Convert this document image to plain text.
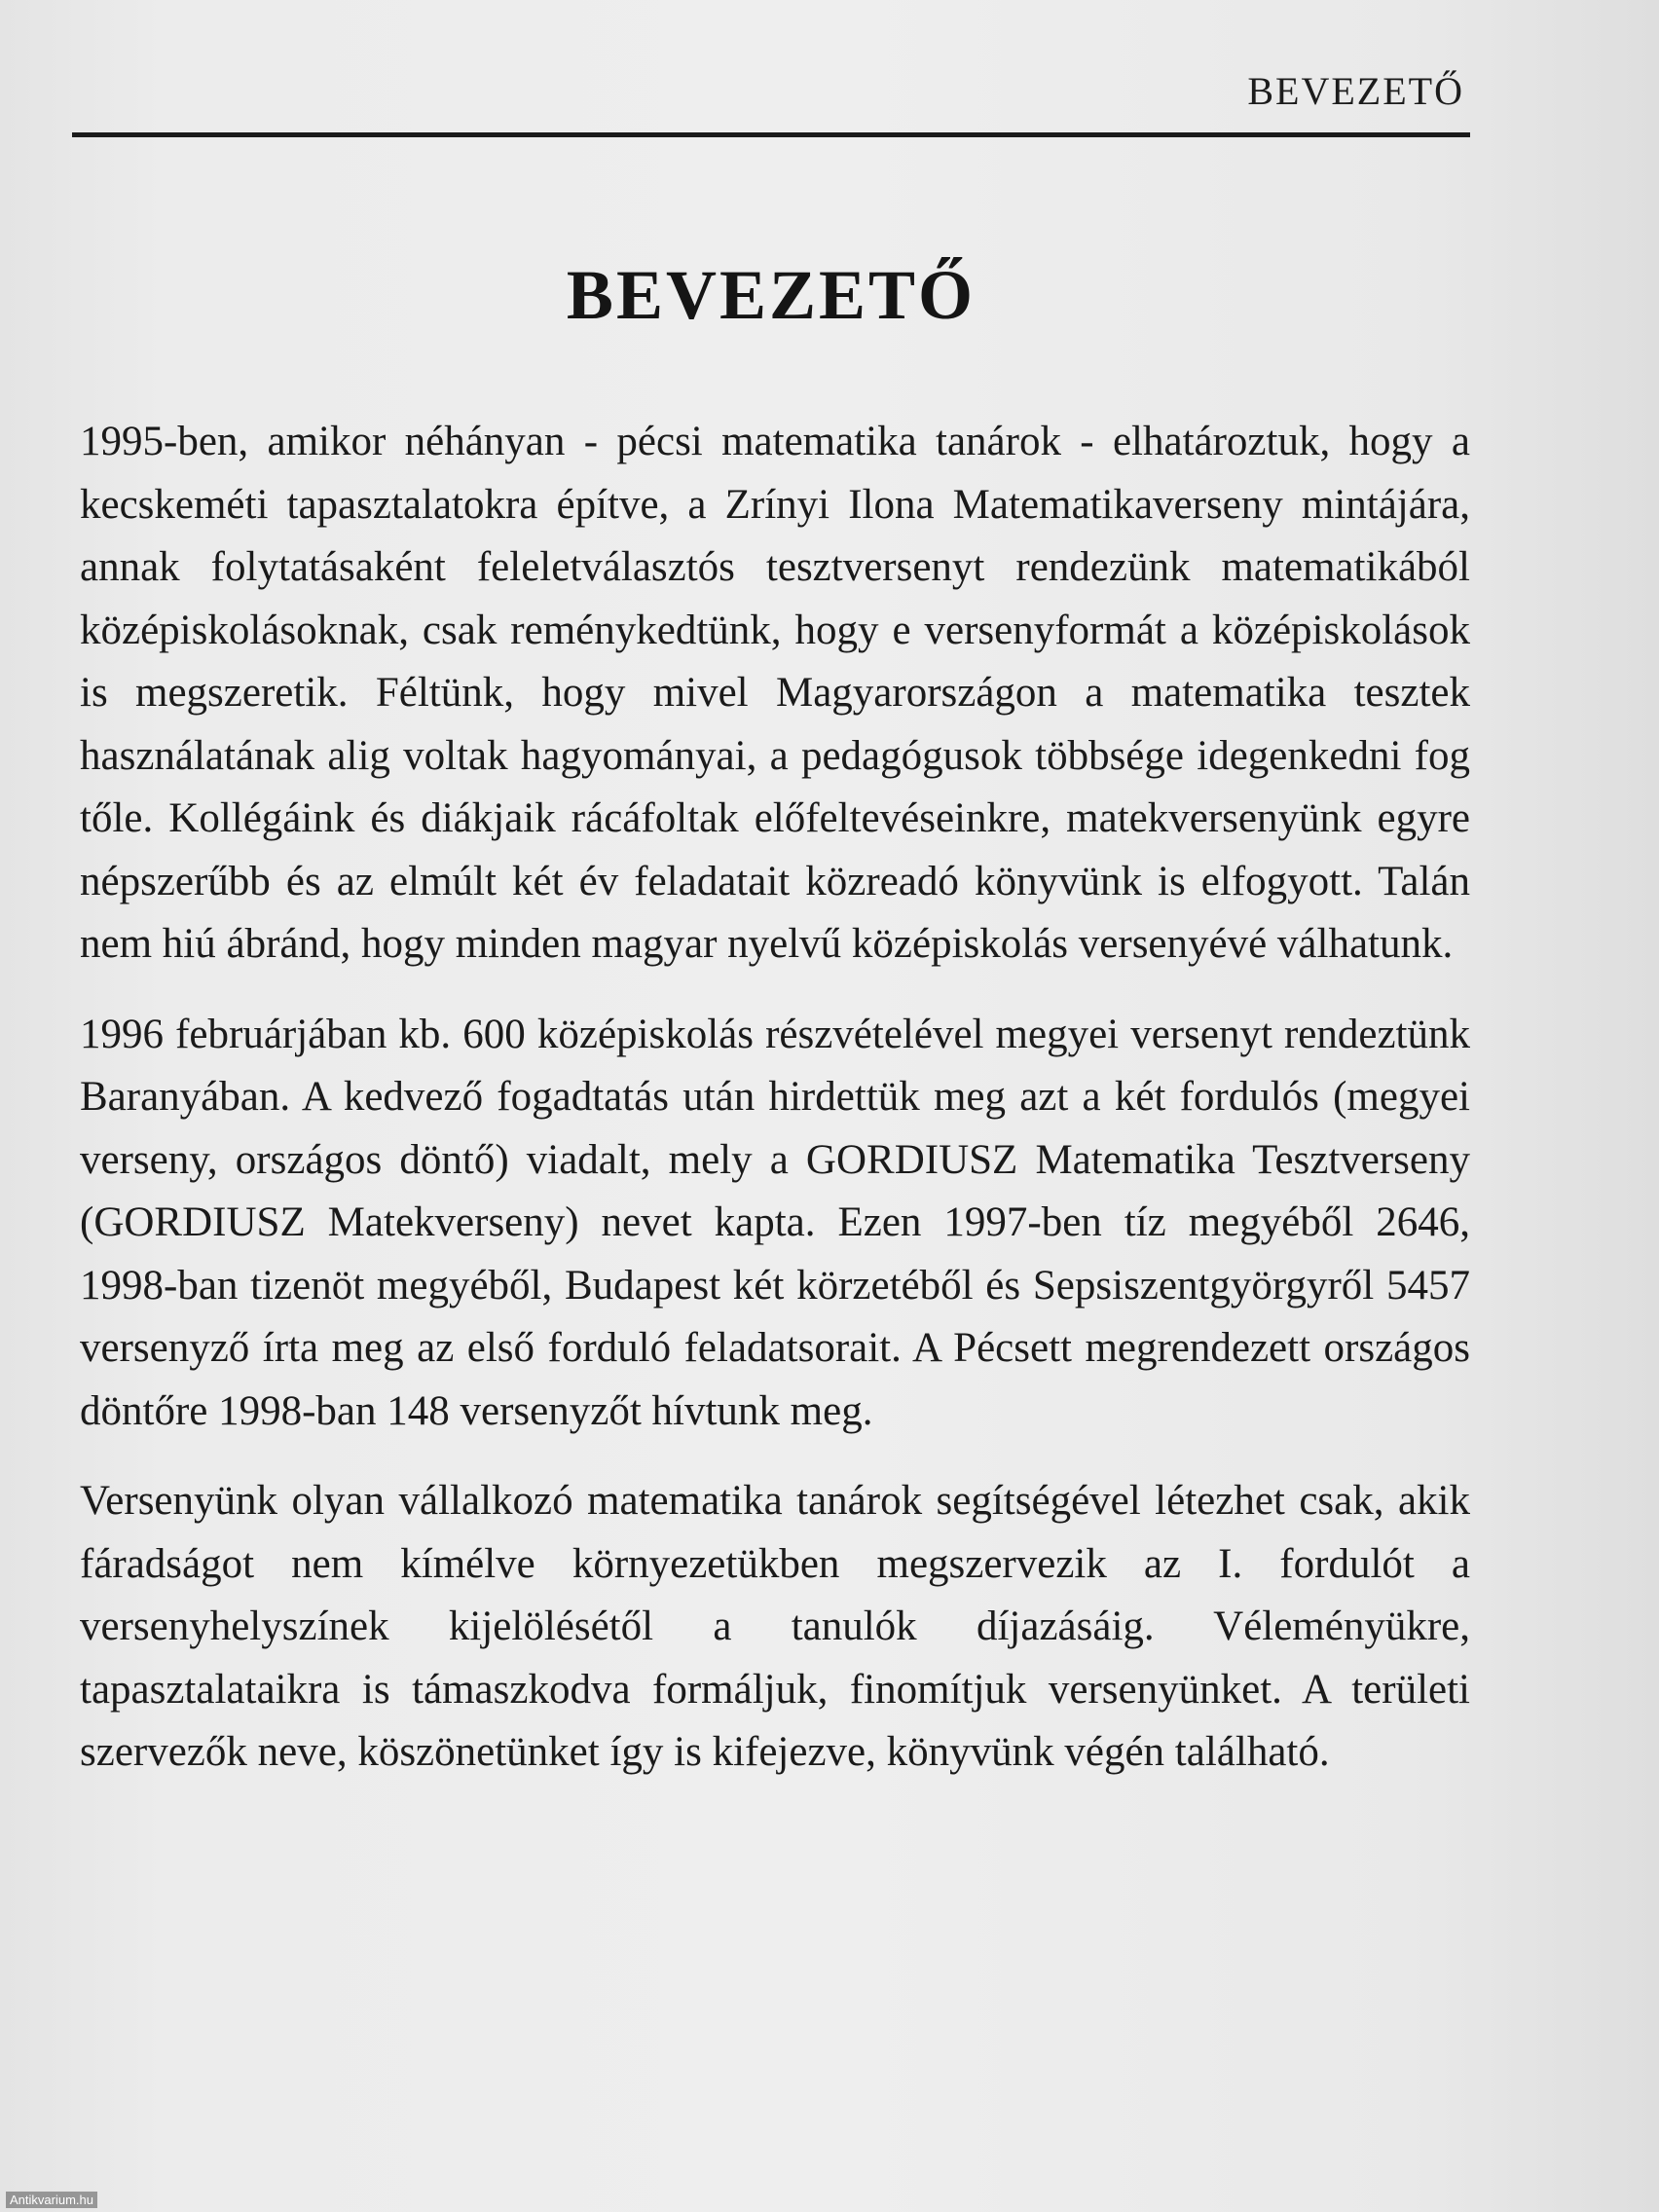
BEVEZETŐ
BEVEZETŐ

1995-ben, amikor néhányan - pécsi matematika tanárok - elhatároztuk, hogy a kecskeméti tapasztalatokra építve, a Zrínyi Ilona Matematikaverseny mintájára, annak folytatásaként feleletválasztós tesztversenyt rendezünk matematikából középiskolásoknak, csak reménykedtünk, hogy e versenyformát a középiskolások is megszeretik. Féltünk, hogy mivel Magyarországon a matematika tesztek használatának alig voltak hagyományai, a pedagógusok többsége idegenkedni fog tőle. Kollégáink és diákjaik rácáfoltak előfeltevéseinkre, matekversenyünk egyre népszerűbb és az elmúlt két év feladatait közreadó könyvünk is elfogyott. Talán nem hiú ábránd, hogy minden magyar nyelvű középiskolás versenyévé válhatunk.

1996 februárjában kb. 600 középiskolás részvételével megyei versenyt rendeztünk Baranyában. A kedvező fogadtatás után hirdettük meg azt a két fordulós (megyei verseny, országos döntő) viadalt, mely a GORDIUSZ Matematika Tesztverseny (GORDIUSZ Matekverseny) nevet kapta. Ezen 1997-ben tíz megyéből 2646, 1998-ban tizenöt megyéből, Budapest két körzetéből és Sepsiszentgyörgyről 5457 versenyző írta meg az első forduló feladatsorait. A Pécsett megrendezett országos döntőre 1998-ban 148 versenyzőt hívtunk meg.

Versenyünk olyan vállalkozó matematika tanárok segítségével létezhet csak, akik fáradságot nem kímélve környezetükben megszervezik az I. fordulót a versenyhelyszínek kijelölésétől a tanulók díjazásáig. Véleményükre, tapasztalataikra is támaszkodva formáljuk, finomítjuk versenyünket. A területi szervezők neve, köszönetünket így is kifejezve, könyvünk végén található.

Antikvarium.hu
